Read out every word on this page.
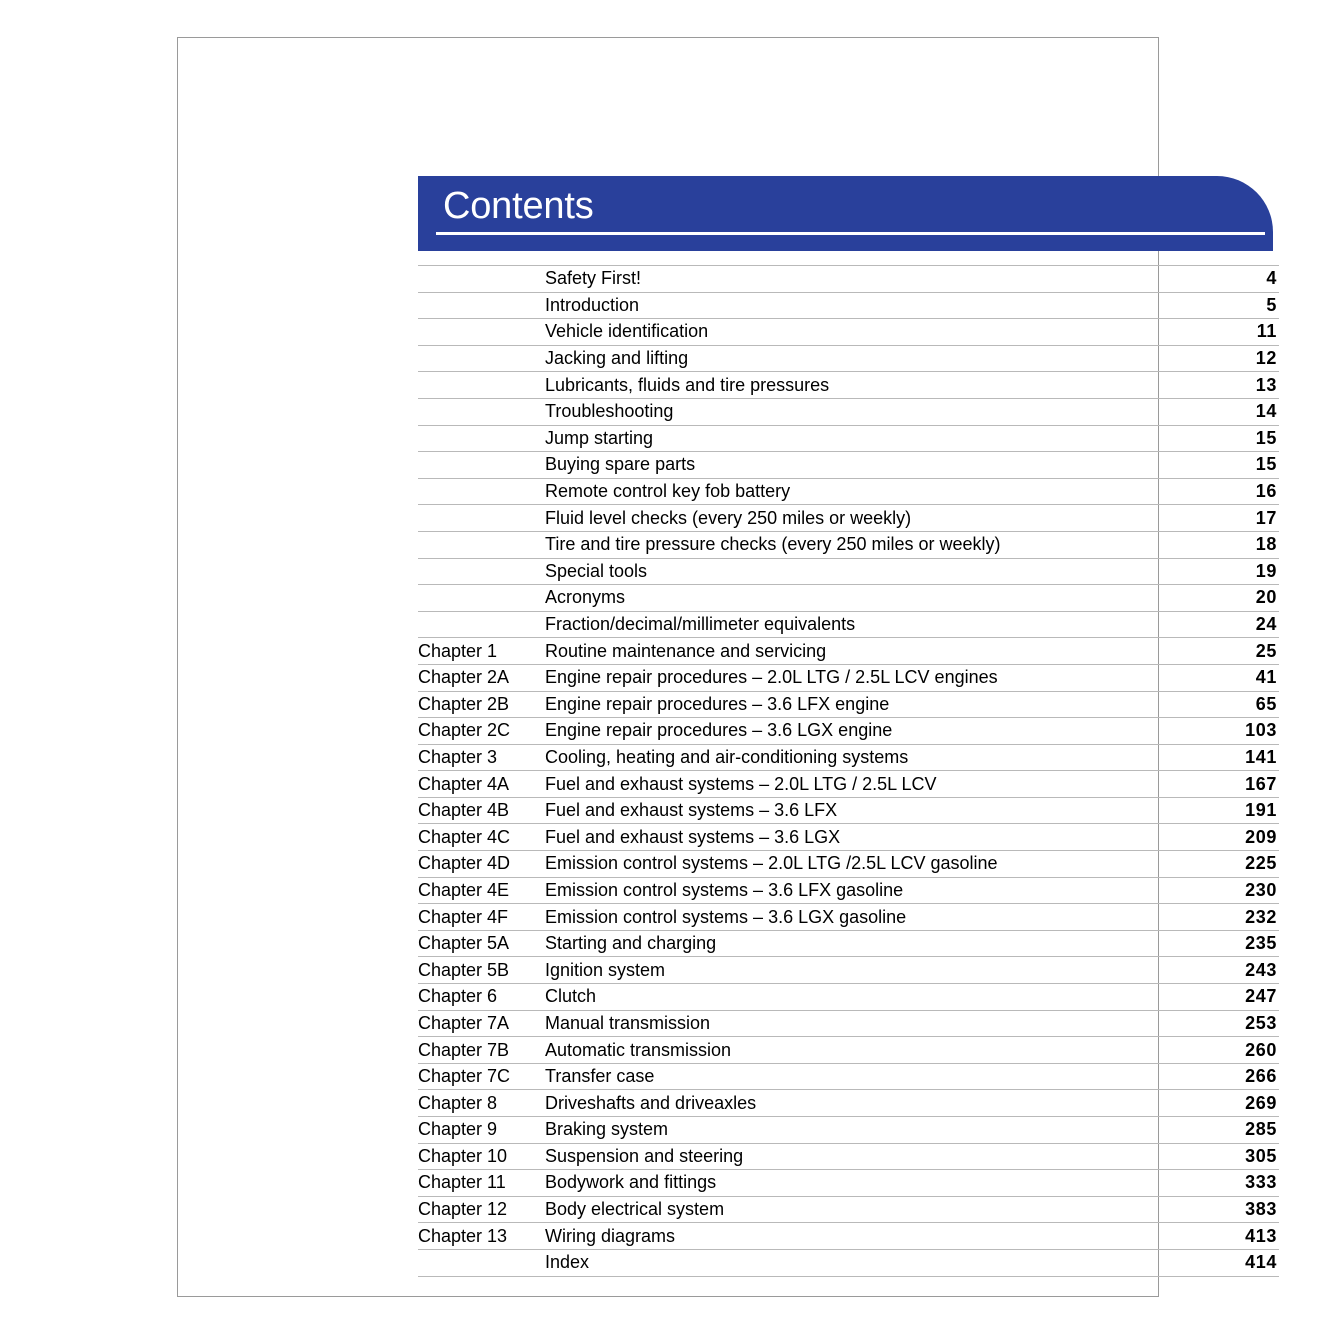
Contents
	Safety First!	4
	Introduction	5
	Vehicle identification	11
	Jacking and lifting	12
	Lubricants, fluids and tire pressures	13
	Troubleshooting	14
	Jump starting	15
	Buying spare parts	15
	Remote control key fob battery	16
	Fluid level checks (every 250 miles or weekly)	17
	Tire and tire pressure checks (every 250 miles or weekly)	18
	Special tools	19
	Acronyms	20
	Fraction/decimal/millimeter equivalents	24
Chapter 1	Routine maintenance and servicing	25
Chapter 2A	Engine repair procedures – 2.0L LTG / 2.5L LCV engines	41
Chapter 2B	Engine repair procedures – 3.6 LFX engine	65
Chapter 2C	Engine repair procedures – 3.6 LGX engine	103
Chapter 3	Cooling, heating and air-conditioning systems	141
Chapter 4A	Fuel and exhaust systems – 2.0L LTG / 2.5L LCV	167
Chapter 4B	Fuel and exhaust systems – 3.6 LFX	191
Chapter 4C	Fuel and exhaust systems – 3.6 LGX	209
Chapter 4D	Emission control systems – 2.0L LTG /2.5L LCV gasoline	225
Chapter 4E	Emission control systems – 3.6 LFX gasoline	230
Chapter 4F	Emission control systems – 3.6 LGX gasoline	232
Chapter 5A	Starting and charging	235
Chapter 5B	Ignition system	243
Chapter 6	Clutch	247
Chapter 7A	Manual transmission	253
Chapter 7B	Automatic transmission	260
Chapter 7C	Transfer case	266
Chapter 8	Driveshafts and driveaxles	269
Chapter 9	Braking system	285
Chapter 10	Suspension and steering	305
Chapter 11	Bodywork and fittings	333
Chapter 12	Body electrical system	383
Chapter 13	Wiring diagrams	413
	Index	414
